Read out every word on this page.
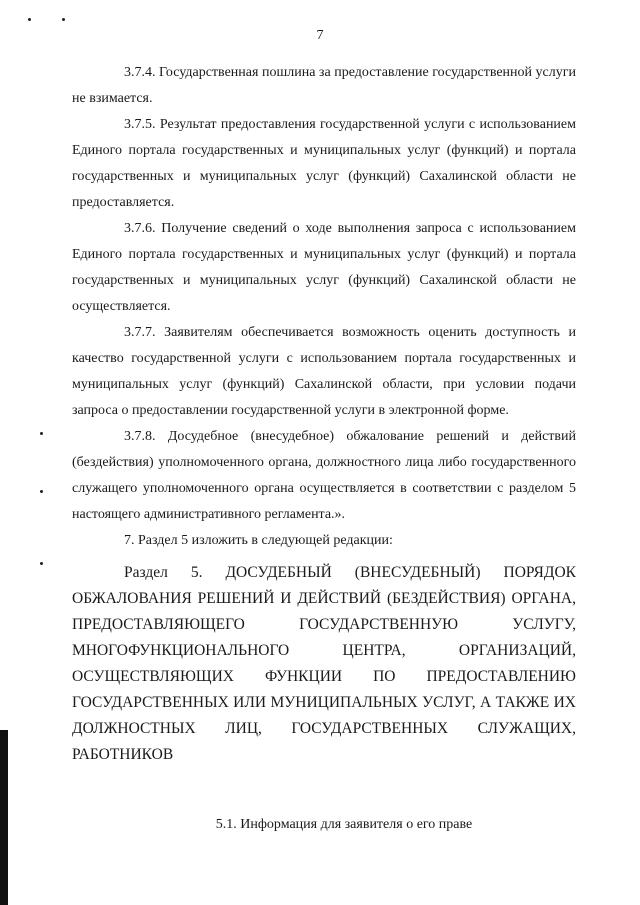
7

3.7.4. Государственная пошлина за предоставление государственной услуги не взимается.

3.7.5. Результат предоставления государственной услуги с использованием Единого портала государственных и муниципальных услуг (функций) и портала государственных и муниципальных услуг (функций) Сахалинской области не предоставляется.

3.7.6. Получение сведений о ходе выполнения запроса с использованием Единого портала государственных и муниципальных услуг (функций) и портала государственных и муниципальных услуг (функций) Сахалинской области не осуществляется.

3.7.7. Заявителям обеспечивается возможность оценить доступность и качество государственной услуги с использованием портала государственных и муниципальных услуг (функций) Сахалинской области, при условии подачи запроса о предоставлении государственной услуги в электронной форме.

3.7.8. Досудебное (внесудебное) обжалование решений и действий (бездействия) уполномоченного органа, должностного лица либо государственного служащего уполномоченного органа осуществляется в соответствии с разделом 5 настоящего административного регламента.».

7. Раздел 5 изложить в следующей редакции:

Раздел 5. ДОСУДЕБНЫЙ (ВНЕСУДЕБНЫЙ) ПОРЯДОК ОБЖАЛОВАНИЯ РЕШЕНИЙ И ДЕЙСТВИЙ (БЕЗДЕЙСТВИЯ) ОРГАНА, ПРЕДОСТАВЛЯЮЩЕГО ГОСУДАРСТВЕННУЮ УСЛУГУ, МНОГОФУНКЦИОНАЛЬНОГО ЦЕНТРА, ОРГАНИЗАЦИЙ, ОСУЩЕСТВЛЯЮЩИХ ФУНКЦИИ ПО ПРЕДОСТАВЛЕНИЮ ГОСУДАРСТВЕННЫХ ИЛИ МУНИЦИПАЛЬНЫХ УСЛУГ, А ТАКЖЕ ИХ ДОЛЖНОСТНЫХ ЛИЦ, ГОСУДАРСТВЕННЫХ СЛУЖАЩИХ, РАБОТНИКОВ

5.1. Информация для заявителя о его праве
